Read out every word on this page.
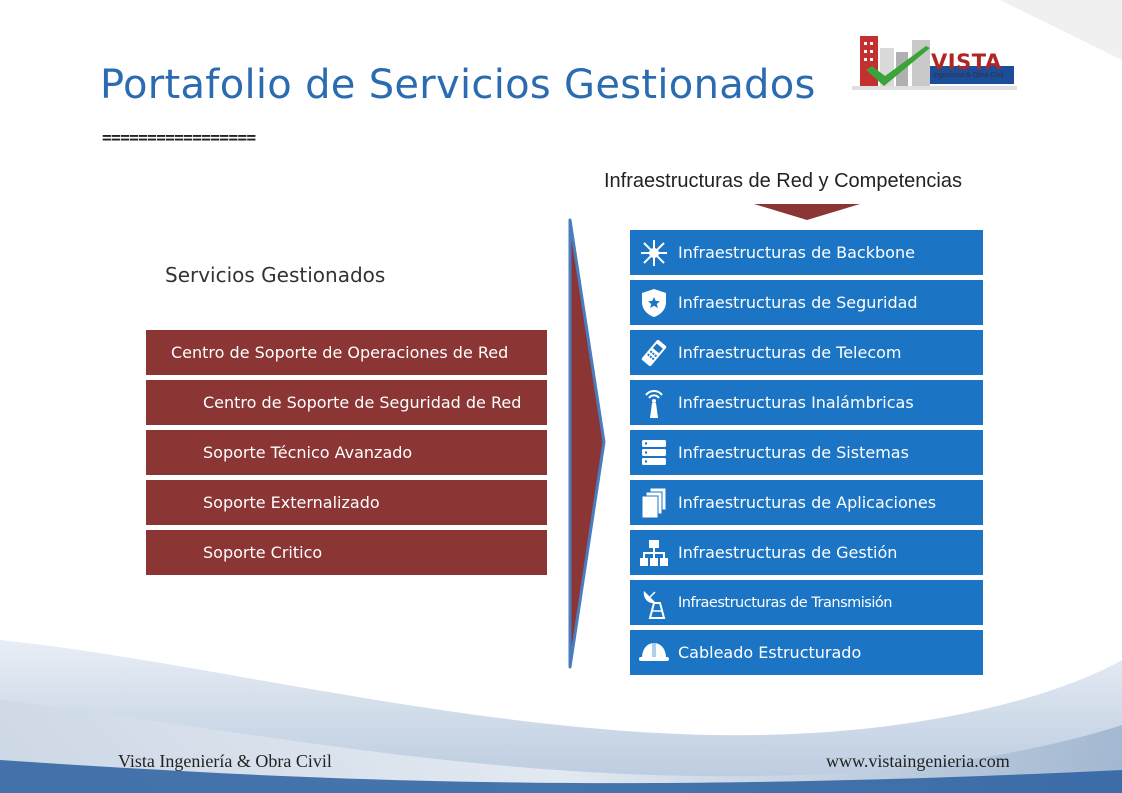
VISTA
Ingeniería & Obra Civil
Portafolio de Servicios Gestionados
=================
Infraestructuras de Red y Competencias
Servicios Gestionados
Centro de Soporte de Operaciones de Red
Centro de Soporte de Seguridad de Red
Soporte Técnico Avanzado
Soporte Externalizado
Soporte Critico
Infraestructuras de Backbone
Infraestructuras de Seguridad
Infraestructuras de Telecom
Infraestructuras Inalámbricas
Infraestructuras de Sistemas
Infraestructuras de Aplicaciones
Infraestructuras de Gestión
Infraestructuras de Transmisión
Cableado Estructurado
Vista Ingeniería & Obra Civil	www.vistaingenieria.com
